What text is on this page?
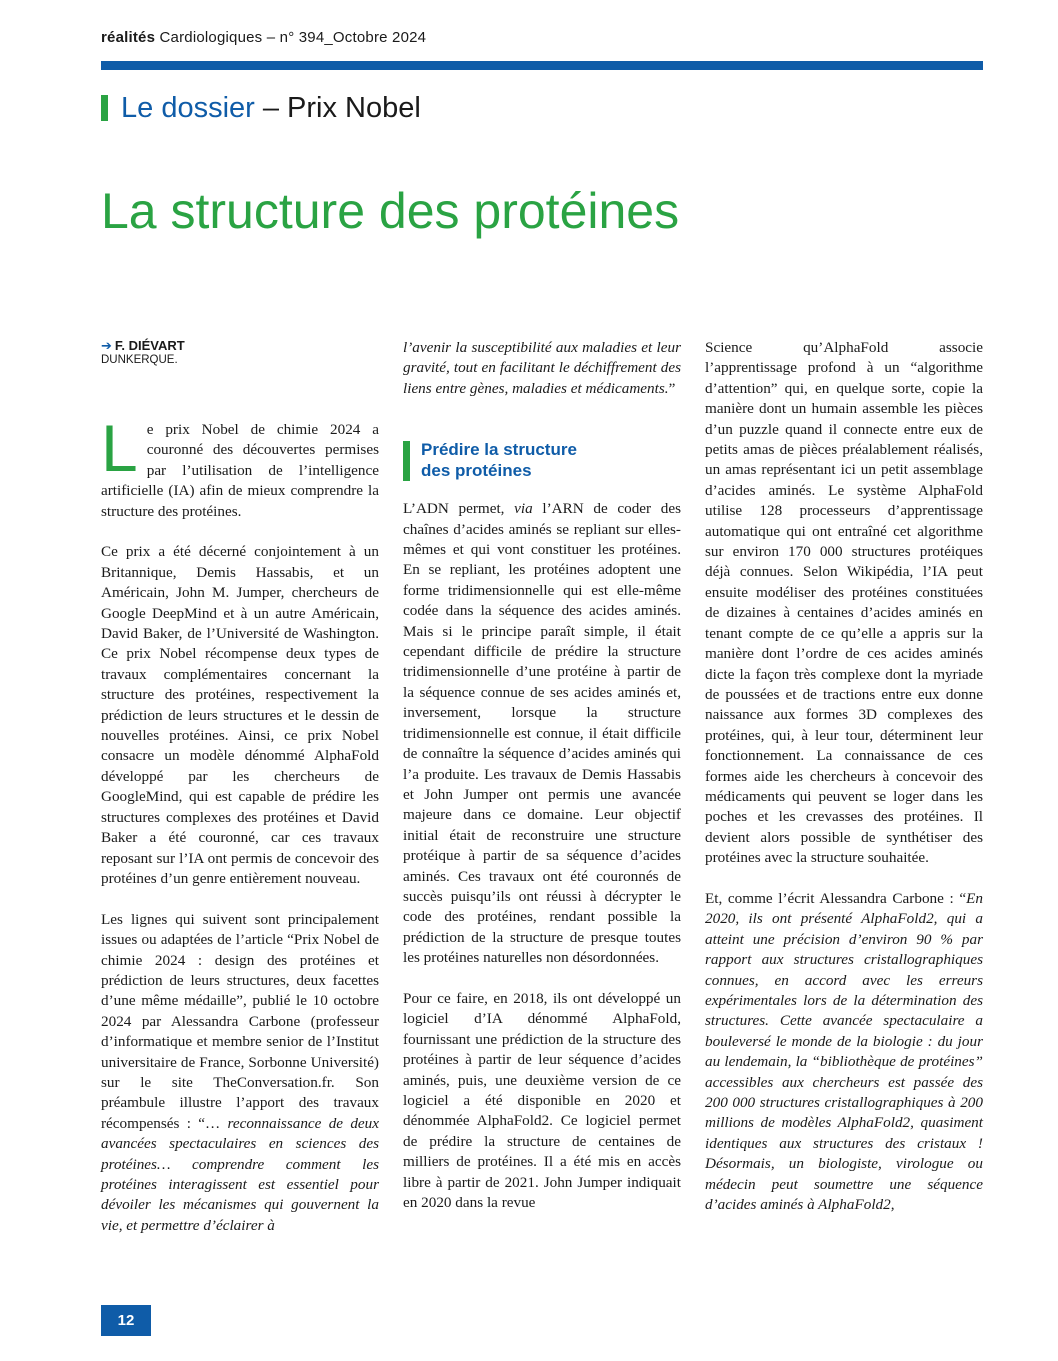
réalités Cardiologiques – n° 394_Octobre 2024
Le dossier
– Prix Nobel
La structure des protéines
➔ F. DIÉVART
DUNKERQUE.

Le prix Nobel de chimie 2024 a couronné des découvertes permises par l’utilisation de l’intelligence artificielle (IA) afin de mieux comprendre la structure des protéines.

Ce prix a été décerné conjointement à un Britannique, Demis Hassabis, et un Américain, John M. Jumper, chercheurs de Google DeepMind et à un autre Américain, David Baker, de l’Université de Washington. Ce prix Nobel récompense deux types de travaux complémentaires concernant la structure des protéines, respectivement la prédiction de leurs structures et le dessin de nouvelles protéines. Ainsi, ce prix Nobel consacre un modèle dénommé AlphaFold développé par les chercheurs de GoogleMind, qui est capable de prédire les structures complexes des protéines et David Baker a été couronné, car ces travaux reposant sur l’IA ont permis de concevoir des protéines d’un genre entièrement nouveau.

Les lignes qui suivent sont principalement issues ou adaptées de l’article “Prix Nobel de chimie 2024 : design des protéines et prédiction de leurs structures, deux facettes d’une même médaille”, publié le 10 octobre 2024 par Alessandra Carbone (professeur d’informatique et membre senior de l’Institut universitaire de France, Sorbonne Université) sur le site TheConversation.fr. Son préambule illustre l’apport des travaux récompensés : “… reconnaissance de deux avancées spectaculaires en sciences des protéines… comprendre comment les protéines interagissent est essentiel pour dévoiler les mécanismes qui gouvernent la vie, et permettre d’éclairer à

l’avenir la susceptibilité aux maladies et leur gravité, tout en facilitant le déchiffrement des liens entre gènes, maladies et médicaments.”

Prédire la structure
des protéines

L’ADN permet, via l’ARN de coder des chaînes d’acides aminés se repliant sur elles-mêmes et qui vont constituer les protéines. En se repliant, les protéines adoptent une forme tridimensionnelle qui est elle-même codée dans la séquence des acides aminés. Mais si le principe paraît simple, il était cependant difficile de prédire la structure tridimensionnelle d’une protéine à partir de la séquence connue de ses acides aminés et, inversement, lorsque la structure tridimensionnelle est connue, il était difficile de connaître la séquence d’acides aminés qui l’a produite. Les travaux de Demis Hassabis et John Jumper ont permis une avancée majeure dans ce domaine. Leur objectif initial était de reconstruire une structure protéique à partir de sa séquence d’acides aminés. Ces travaux ont été couronnés de succès puisqu’ils ont réussi à décrypter le code des protéines, rendant possible la prédiction de la structure de presque toutes les protéines naturelles non désordonnées.

Pour ce faire, en 2018, ils ont développé un logiciel d’IA dénommé AlphaFold, fournissant une prédiction de la structure des protéines à partir de leur séquence d’acides aminés, puis, une deuxième version de ce logiciel a été disponible en 2020 et dénommée AlphaFold2. Ce logiciel permet de prédire la structure de centaines de milliers de protéines. Il a été mis en accès libre à partir de 2021. John Jumper indiquait en 2020 dans la revue

Science qu’AlphaFold associe l’apprentissage profond à un “algorithme d’attention” qui, en quelque sorte, copie la manière dont un humain assemble les pièces d’un puzzle quand il connecte entre eux de petits amas de pièces préalablement réalisés, un amas représentant ici un petit assemblage d’acides aminés. Le système AlphaFold utilise 128 processeurs d’apprentissage automatique qui ont entraîné cet algorithme sur environ 170 000 structures protéiques déjà connues. Selon Wikipédia, l’IA peut ensuite modéliser des protéines constituées de dizaines à centaines d’acides aminés en tenant compte de ce qu’elle a appris sur la manière dont l’ordre de ces acides aminés dicte la façon très complexe dont la myriade de poussées et de tractions entre eux donne naissance aux formes 3D complexes des protéines, qui, à leur tour, déterminent leur fonctionnement. La connaissance de ces formes aide les chercheurs à concevoir des médicaments qui peuvent se loger dans les poches et les crevasses des protéines. Il devient alors possible de synthétiser des protéines avec la structure souhaitée.

Et, comme l’écrit Alessandra Carbone : “En 2020, ils ont présenté AlphaFold2, qui a atteint une précision d’environ 90 % par rapport aux structures cristallographiques connues, en accord avec les erreurs expérimentales lors de la détermination des structures. Cette avancée spectaculaire a bouleversé le monde de la biologie : du jour au lendemain, la “bibliothèque de protéines” accessibles aux chercheurs est passée des 200 000 structures cristallographiques à 200 millions de modèles AlphaFold2, quasiment identiques aux structures des cristaux ! Désormais, un biologiste, virologue ou médecin peut soumettre une séquence d’acides aminés à AlphaFold2,

12
